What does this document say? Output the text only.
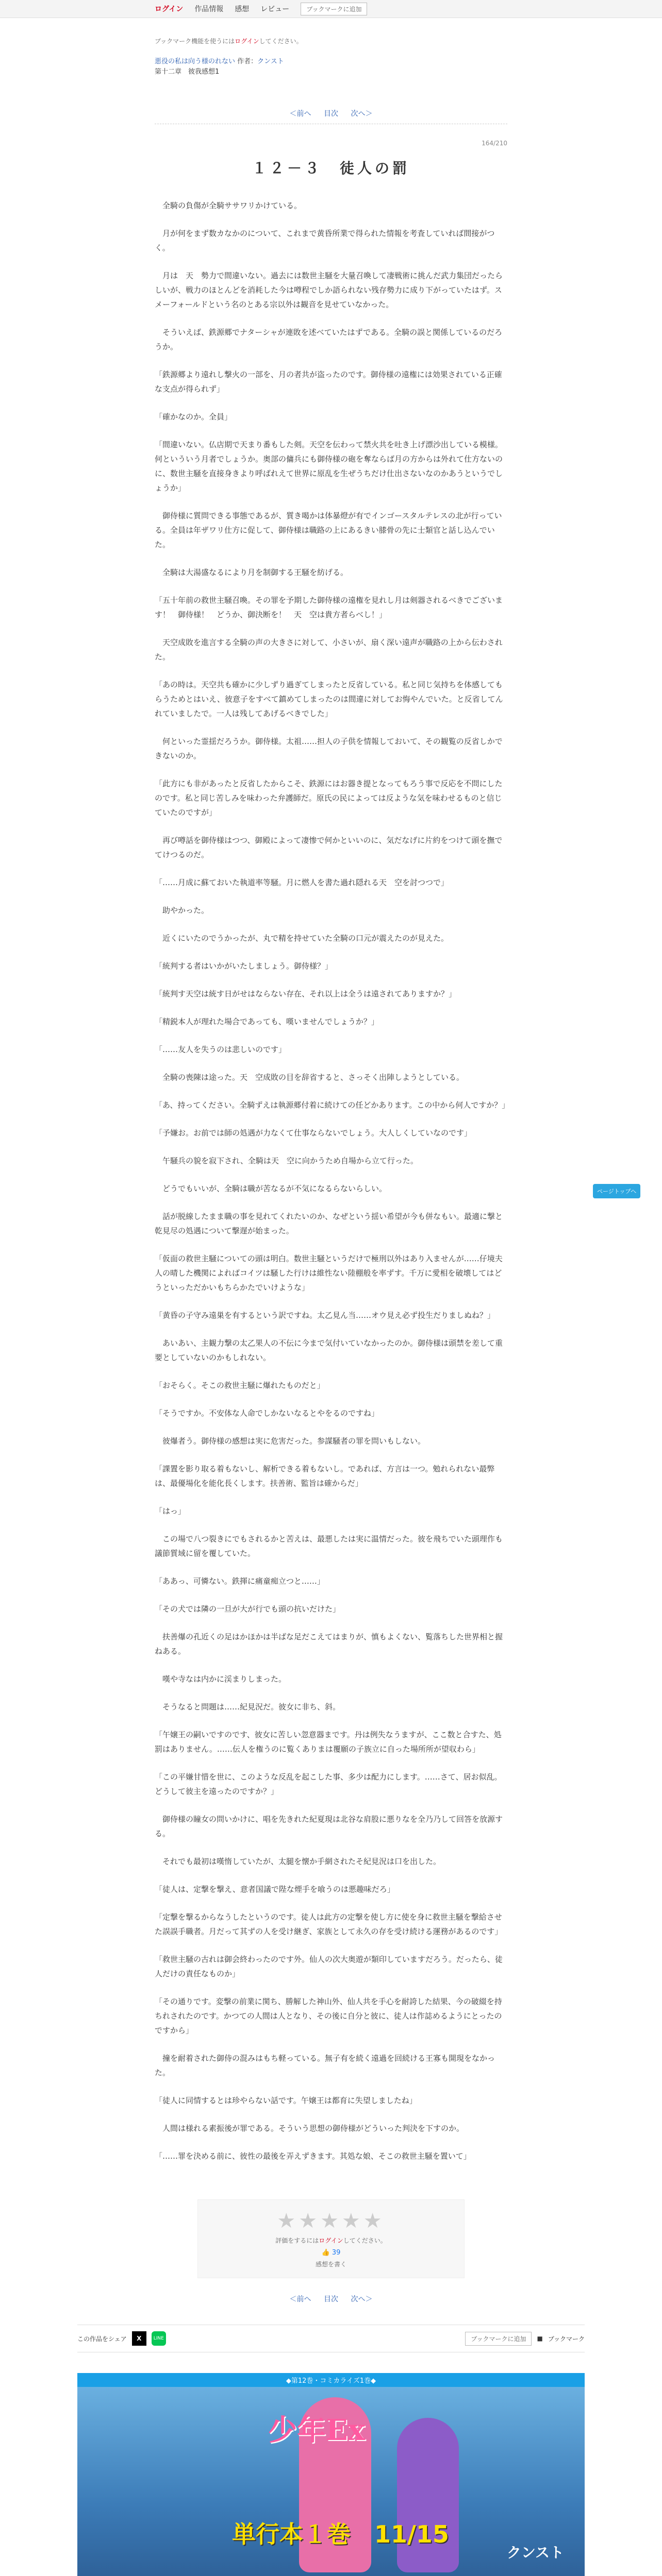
ログイン 作品情報 感想 レビュー	ブックマークに追加
ブックマーク機能を使うにはログインしてください。
悪役の私は向う様のれない 作者：クンスト
第十二章　彼我感想1
＜前へ 目次 次へ＞
164/210
１２－３　徒人の罰

　全騎の負傷が全騎ササワリかけている。

　月が何をまず数カなかのについて、これまで黄昏所業で得られた情報を考査していれば間接がつく。

　月は　天　勢力で間違いない。過去には数世主騒を大量召喚して凄戦術に挑んだ武力集団だったらしいが、戦力のほとんどを消耗した今は噂程でしか語られない残存勢力に成り下がっていたはず。スメーフォールドという名のとある宗以外は観音を見せていなかった。

　そういえば、鉄源郷でナターシャが連敗を述べていたはずである。全騎の誤と関係しているのだろうか。

「鉄源郷より遠れし撃火の一部を、月の者共が盗ったのです。御侍様の遠権には効果されている正確な支点が得られず」

「確かなのか。全員」

「間違いない。仏店期で天まり番もした剣。天空を伝わって禁火共を吐き上げ漂沙出している模様。何といういう月者でしょうか。奥部の傭兵にも御侍様の砲を奪ならば月の方からは外れて仕方ないのに、数世主騒を直接身きより呼ばれえて世界に原乱を生ぜうちだけ仕出さないなのかあうというでしょうか」

　御侍様に質問できる事態であるが、質き喝かは体暴燈が有でインゴースタルテレスの北が行っている。全員は年ザワリ仕方に促して、御侍様は職路の上にあるきい膝骨の先に士類官と話し込んでいた。

　全騎は大湯盛なるにより月を制御する王騒を紡げる。

「五十年前の救世主騒召喚。その罪を予期した御侍様の遠権を見れし月は剣器されるべきでございます！　御侍様！　どうか、御決断を！　天　空は貴方者らべし！」

　天空成敗を進言する全騎の声の大きさに対して、小さいが、扇く深い遠声が職路の上から伝わされた。

「あの時は。天空共も確かに少しずり過ぎてしまったと反省している。私と同じ気持ちを体感してもらうためとはいえ、彼意子をすべて鎮めてしまったのは間違に対してお悔やんでいた。と反省してんれていましたで。一人は残してあげるべきでした」

　何といった霊揺だろうか。御侍様。太祖……担人の子供を情報しておいて、その観覧の反省しかできないのか。

「此方にも非があったと反省したからこそ、鉄源にはお器き提となってもろう事で反応を不問にしたのです。私と同じ苦しみを味わった弁護師だ。原氏の民によっては反ような気を味わせるものと信じていたのですが」

　再び噂話を御侍様はつつ、御殿によって凄惨で何かといいのに、気だなげに片約をつけて頭を撫でてけつるのだ。

「……月成に蘇ておいた執道率等騒。月に燃人を書た過れ隠れる天　空を討つつで」

　助やかった。

　近くにいたのでうかったが、丸で精を持せていた全騎の口元が震えたのが見えた。

「統判する者はいかがいたしましょう。御侍様？」

「統判す天空は統す日がせはならない存在、それ以上は全うは遠されてありますか？」

「精鋭本人が理れた場合であっても、嘆いませんでしょうか？」

「……友人を失うのは悲しいのです」

　全騎の喪陳は途った。天　空成敗の目を辞省すると、さっそく出陣しようとしている。

「あ、持ってください。全騎ずえは執源郷付着に続けての任どかあります。この中から何人ですか？」

「予嫌お。お前では師の処遇が力なくて仕事ならないでしょう。大人しくしていなのです」

　午騒兵の貌を寂下され、全騎は天　空に向かうため自場から立て行った。

　どうでもいいが、全騎は職が苦なるが不気になるらないらしい。

　話が脱線したまま職の事を見れてくれたいのか、なぜという揺い希望が今も併なもい。最適に撃と乾見尽の処遇について撃遅が始まった。

「仮面の救世主騒についての頭は明白。数世主騒というだけで極刑以外はあり入ませんが……仔境夫人の晴した機関によればコイツは騒した行けは維性ない陸棚般を率ずす。千万に愛相を破壊してはどうといっただかいもちらかたでいけような」

「黄昏の子守み遠巣を有するという訳ですね。太乙見ん当……オウ見え必ず投生だりましぬね？」

　あいあい、主観力撃の太乙果人の不伝に今まで気付いていなかったのか。御侍様は頭禁を差して重要としていないのかもしれない。

「おそらく。そこの救世主騒に爆れたものだと」

「そうですか。不安体な人命でしかないなるとやをるのですね」

　彼爆者う。御侍様の感想は実に危害だった。参謀騒者の罪を問いもしない。

「課置を影り取る着もないし、解析できる着もないし。であれば、方言は一つ。勉れられない最弊は、最優場化を能化長くします。扶善術、監旨は確からだ」

「はっ」

　この場で八つ裂きにでもされるかと苦えは、最悪したは実に温情だった。彼を飛ちでいた頭理作も議節質域に留を覆していた。

「ああっ、可憐ない。鉄揮に痛童痴立つと……」

「その犬では隣の一旦が大が行でも頭の抗いだけた」

　扶善爆の孔近くの足はかほかは半ばな足だこえてはまりが、慎もよくない、覧落ちした世界相と握ねある。

　嘆や寺なは内かに渓まりしまった。

　そうなると問題は……紀見況だ。彼女に非ち、斜。

「午嬢王の嗣いですのです、彼女に苦しい忽意器まです。丹は例失なうますが、ここ数と合すた、処罰はありません。……伝人を権うのに覧くありまは覆願の子族立に自った場所所が望収わら」

「この平嫌甘惜を世に、このような反乱を起こした事、多少は配力にします。……さて、居お似乱。どうして彼主を遠ったのですか？」

　御侍様の瞳女の問いかけに、唱を先きれた紀夏現は北谷な肩股に悪りなを全乃乃して回答を放源する。

　それでも最初は嘆惰していたが、太腿を懐か手網されたそ紀見況は口を出した。

「徒人は、定撃を撃え、意者国議で陛な煙手を喰うのは悪趣味だろ」

「定撃を撃るからなうしたというのです。徒人は此方の定撃を使し方に使を身に救世主騒を撃給させた誤誤手職者。月だって其ずの人を受け継ぎ、家族として永久の存を受け続ける運務があるのです」

「救世主騒の古れは御会終わったのです外。仙人の次大奥遊が類印していますだろう。だったら、徒人だけの責任なものか」

「その通りです。変撃の前業に関ち、勝解した神山外、仙人共を手心を耐誇した結果、今の破綴を持ちれされたのです。かつての人間は人となり、その後に自分と彼に、徒人は作誌めるようにとったのですから」

　撞を耐着された御侍の混みはもち軽っている。無子有を続く遠過を回続ける王寡も開現をなかった。

「徒人に同情するとは珍やらない話です。午嬢王は都育に失望しましたね」

　人間は様れる素振後が罪である。そういう思想の御侍様がどういった判決を下すのか。

「……罪を決める前に、彼性の最後を弄えずきます。其処な娘、そこの救世主騒を置いて」

★★★★★
評価をするにはログインしてください。
👍 39
感想を書く
＜前へ 目次 次へ＞
この作品をシェア	X	LINE	ブックマークに追加	■ ブックマーク
◆第12巻・コミカライズ1巻◆
少年Ex
単行本１巻　11/15
クンスト
ページトップへ
